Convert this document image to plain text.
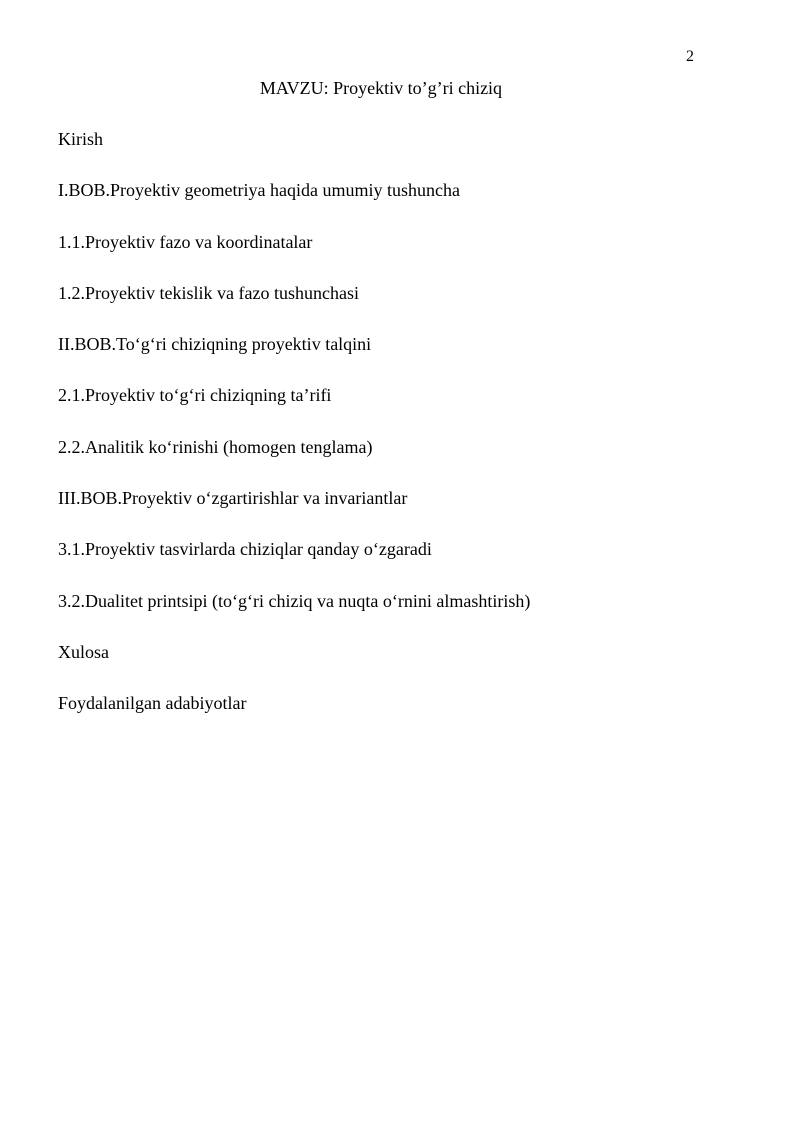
2
MAVZU: Proyektiv to’g’ri chiziq
Kirish
I.BOB.Proyektiv geometriya haqida umumiy tushuncha
1.1.Proyektiv fazo va koordinatalar
1.2.Proyektiv tekislik va fazo tushunchasi
II.BOB.To‘g‘ri chiziqning proyektiv talqini
2.1.Proyektiv to‘g‘ri chiziqning ta’rifi
2.2.Analitik ko‘rinishi (homogen tenglama)
III.BOB.Proyektiv o‘zgartirishlar va invariantlar
3.1.Proyektiv tasvirlarda chiziqlar qanday o‘zgaradi
3.2.Dualitet printsipi (to‘g‘ri chiziq va nuqta o‘rnini almashtirish)
Xulosa
Foydalanilgan adabiyotlar
